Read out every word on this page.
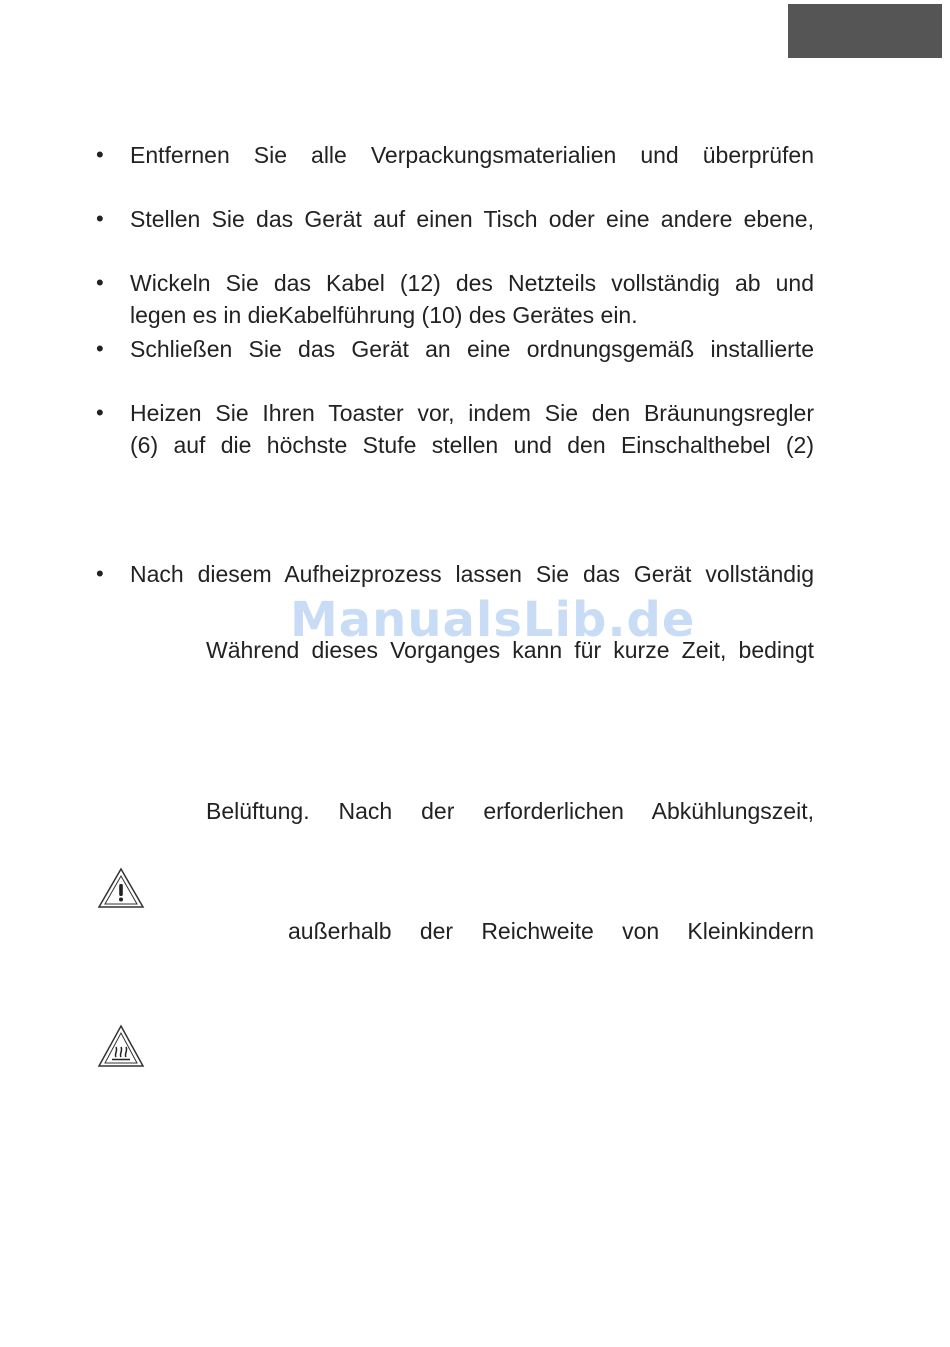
• Entfernen Sie alle Verpackungsmaterialien und überprüfen
• Stellen Sie das Gerät auf einen Tisch oder eine andere ebene,
• Wickeln Sie das Kabel (12) des Netzteils vollständig ab und
legen es in dieKabelführung (10) des Gerätes ein.
• Schließen Sie das Gerät an eine ordnungsgemäß installierte
• Heizen Sie Ihren Toaster vor, indem Sie den Bräunungsregler
(6) auf die höchste Stufe stellen und den Einschalthebel (2)
• Nach diesem Aufheizprozess lassen Sie das Gerät vollständig
ManualsLib.de
Während dieses Vorganges kann für kurze Zeit, bedingt
Belüftung. Nach der erforderlichen Abkühlungszeit,
außerhalb der Reichweite von Kleinkindern
